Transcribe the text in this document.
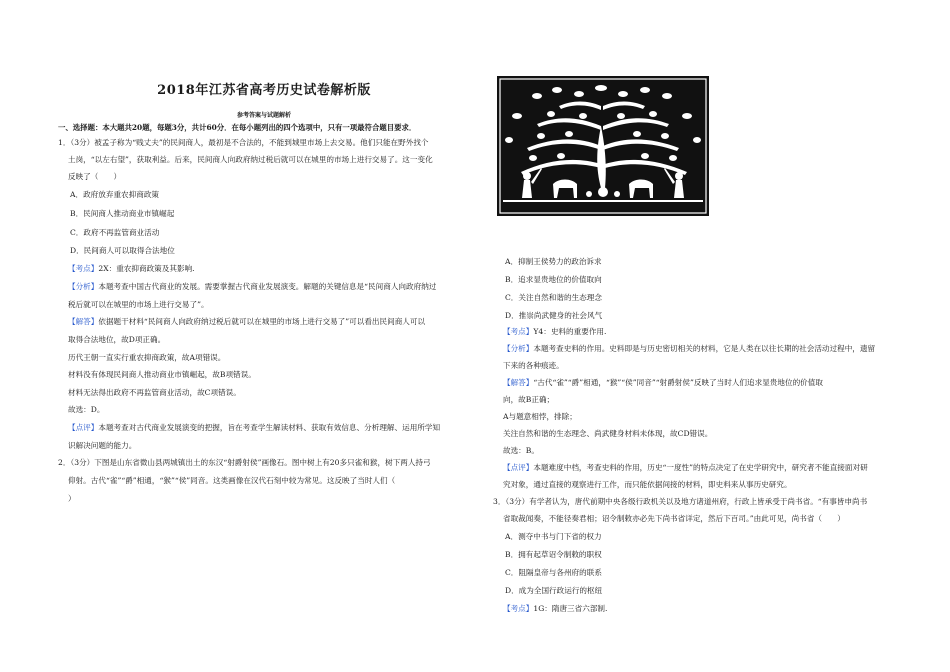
2018年江苏省高考历史试卷解析版
参考答案与试题解析
一、选择题：本大题共20题，每题3分，共计60分．在每小题列出的四个选项中，只有一项最符合题目要求．
1．（3分）被孟子称为“贱丈夫”的民间商人，最初是不合法的，不能到城里市场上去交易。他们只能在野外找个
土岗，“以左右望”，获取利益。后来，民间商人向政府纳过税后就可以在城里的市场上进行交易了。这一变化
反映了（　　）
A．政府放弃重农抑商政策
B．民间商人推动商业市镇崛起
C．政府不再监管商业活动
D．民间商人可以取得合法地位
【考点】2X：重农抑商政策及其影响.
【分析】本题考查中国古代商业的发展。需要掌握古代商业发展演变。解题的关键信息是“民间商人向政府纳过
税后就可以在城里的市场上进行交易了”。
【解答】依据题干材料“民间商人向政府纳过税后就可以在城里的市场上进行交易了”可以看出民间商人可以
取得合法地位，故D项正确。
历代王朝一直实行重农抑商政策，故A项错误。
材料没有体现民间商人推动商业市镇崛起，故B项错误。
材料无法得出政府不再监管商业活动，故C项错误。
故选：D。
【点评】本题考查对古代商业发展演变的把握，旨在考查学生解读材料、获取有效信息、分析理解、运用所学知
识解决问题的能力。
2．（3分）下图是山东省微山县两城镇出土的东汉“射爵射侯”画像石。图中树上有20多只雀和猴，树下两人持弓
仰射。古代“雀”“爵”相通，“猴”“侯”同音。这类画像在汉代石刻中较为常见。这反映了当时人们（
）
A．抑制王侯势力的政治诉求
B．追求显贵地位的价值取向
C．关注自然和谐的生态理念
D．推崇尚武健身的社会风气
【考点】Y4：史料的重要作用.
【分析】本题考查史料的作用。史料即是与历史密切相关的材料，它是人类在以往长期的社会活动过程中，遗留
下来的各种痕迹。
【解答】“古代“雀”“爵”相通，“猴”“侯”同音”“射爵射侯”反映了当时人们追求显贵地位的价值取
向，故B正确；
A与题意相悖，排除；
关注自然和谐的生态理念、尚武健身材料未体现，故CD错误。
故选：B。
【点评】本题难度中档，考查史料的作用，历史“一度性”的特点决定了在史学研究中，研究者不能直接面对研
究对象，通过直接的观察进行工作，而只能依据间接的材料，即史料来从事历史研究。
3．（3分）有学者认为，唐代前期中央各级行政机关以及地方诸道州府，行政上皆承受于尚书省。“有事皆申尚书
省取裁闻奏，不能径奏君相；诏令制敕亦必先下尚书省详定，然后下百司。”由此可见，尚书省（　　）
A．测夺中书与门下省的权力
B．拥有起草诏令制敕的职权
C．阻隔皇帝与各州府的联系
D．成为全国行政运行的枢纽
【考点】1G：隋唐三省六部制.
